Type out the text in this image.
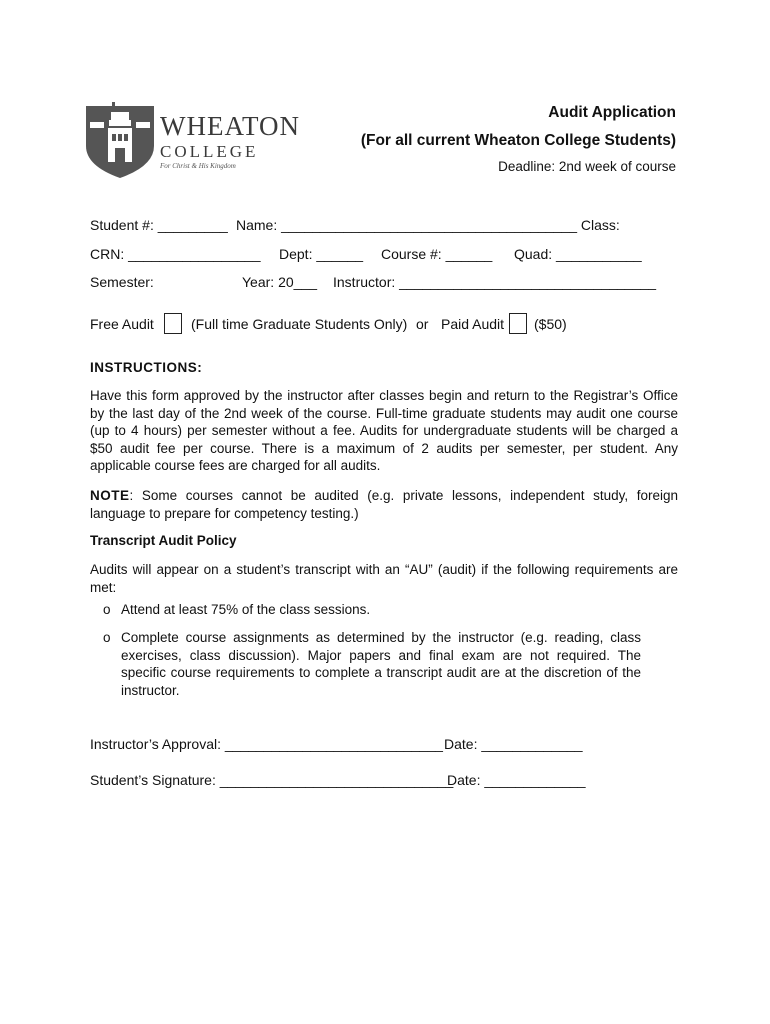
WHEATON
COLLEGE
For Christ & His Kingdom
Audit Application
(For all current Wheaton College Students)
Deadline: 2nd week of course
Student #: _________ Name: ______________________________________ Class:
CRN: _________________ Dept: ______ Course #: ______ Quad: ___________
Semester:	Year: 20___ Instructor: _________________________________
Free Audit	(Full time Graduate Students Only) or Paid Audit ($50)
INSTRUCTIONS:
Have this form approved by the instructor after classes begin and return to the Registrar’s Office by the last day of the 2nd week of the course. Full-time graduate students may audit one course (up to 4 hours) per semester without a fee. Audits for undergraduate students will be charged a $50 audit fee per course. There is a maximum of 2 audits per semester, per student. Any applicable course fees are charged for all audits.
NOTE: Some courses cannot be audited (e.g. private lessons, independent study, foreign language to prepare for competency testing.)
Transcript Audit Policy
Audits will appear on a student’s transcript with an “AU” (audit) if the following requirements are met:
o Attend at least 75% of the class sessions.
o Complete course assignments as determined by the instructor (e.g. reading, class exercises, class discussion). Major papers and final exam are not required. The specific course requirements to complete a transcript audit are at the discretion of the instructor.
Instructor’s Approval: ____________________________ Date: _____________
Student’s Signature: ______________________________
Date: _____________
